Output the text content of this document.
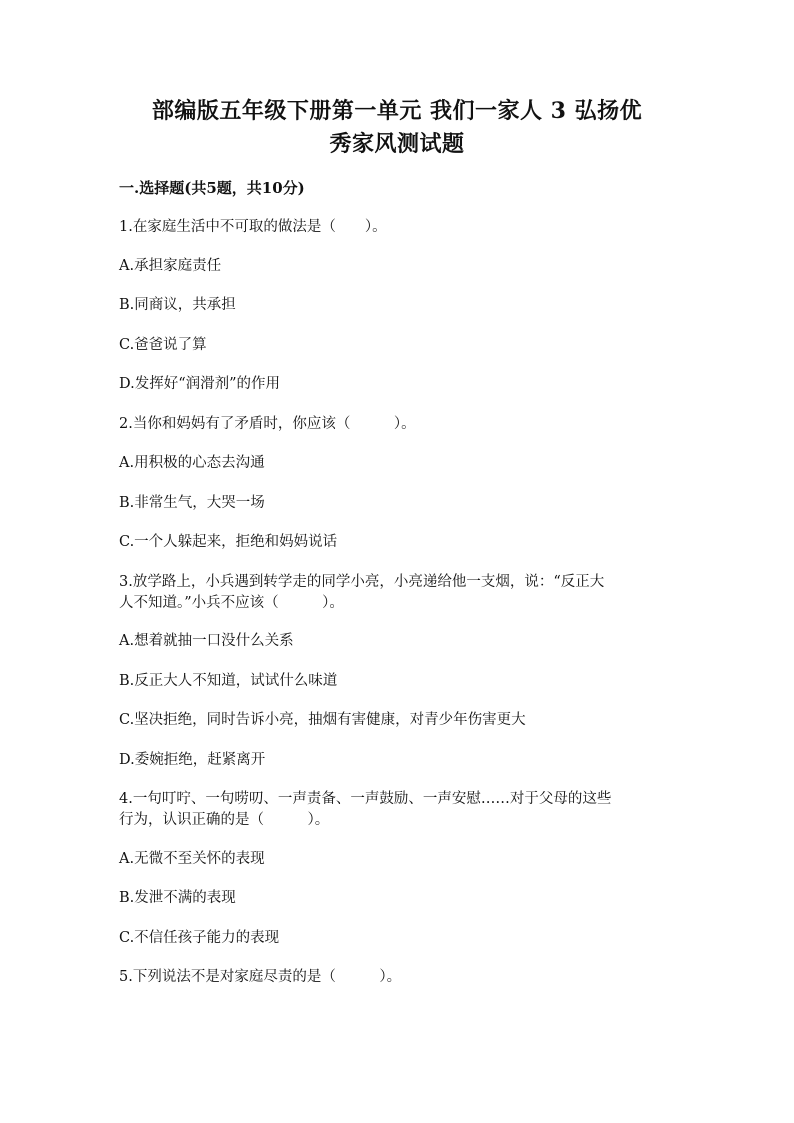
部编版五年级下册第一单元 我们一家人 3 弘扬优
秀家风测试题
一.选择题(共5题，共10分)
1.在家庭生活中不可取的做法是（　　）。
A.承担家庭责任
B.同商议，共承担
C.爸爸说了算
D.发挥好“润滑剂”的作用
2.当你和妈妈有了矛盾时，你应该（　　　）。
A.用积极的心态去沟通
B.非常生气，大哭一场
C.一个人躲起来，拒绝和妈妈说话
3.放学路上，小兵遇到转学走的同学小亮，小亮递给他一支烟，说：“反正大
人不知道。”小兵不应该（　　　）。
A.想着就抽一口没什么关系
B.反正大人不知道，试试什么味道
C.坚决拒绝，同时告诉小亮，抽烟有害健康，对青少年伤害更大
D.委婉拒绝，赶紧离开
4.一句叮咛、一句唠叨、一声责备、一声鼓励、一声安慰……对于父母的这些
行为，认识正确的是（　　　）。
A.无微不至关怀的表现
B.发泄不满的表现
C.不信任孩子能力的表现
5.下列说法不是对家庭尽责的是（　　　）。
